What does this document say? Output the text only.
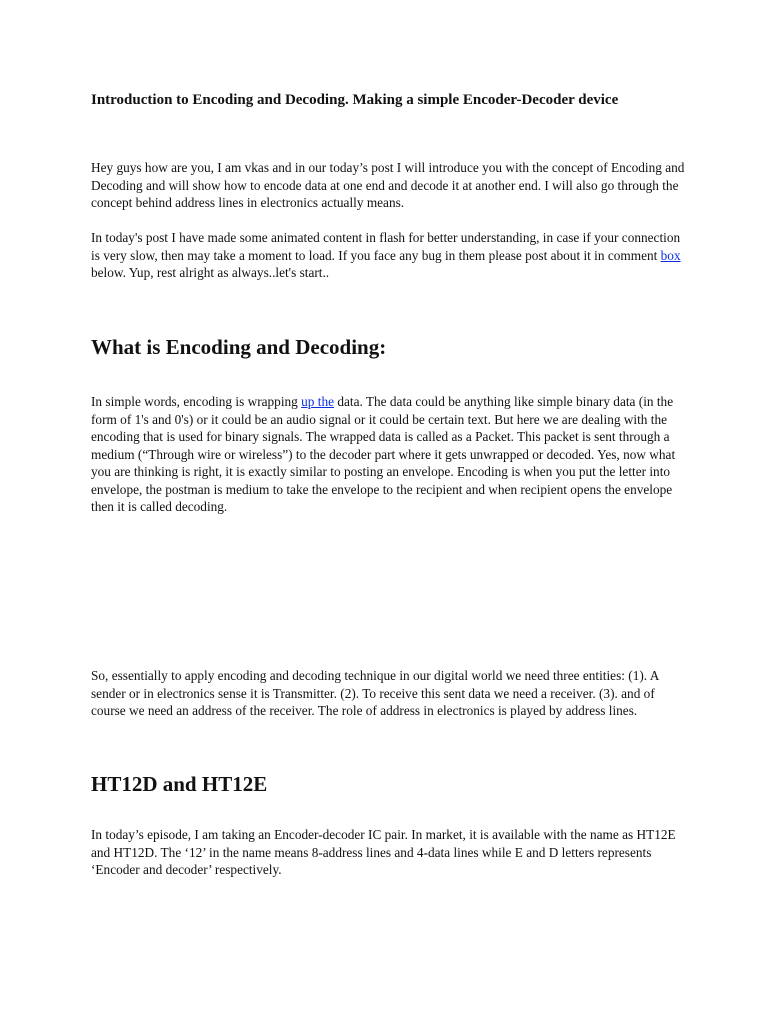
Introduction to Encoding and Decoding. Making a simple Encoder-Decoder device

Hey guys how are you, I am vkas and in our today’s post I will introduce you with the concept of Encoding and Decoding and will show how to encode data at one end and decode it at another end. I will also go through the concept behind address lines in electronics actually means.

In today's post I have made some animated content in flash for better understanding, in case if your connection is very slow, then may take a moment to load. If you face any bug in them please post about it in comment box below. Yup, rest alright as always..let's start..

What is Encoding and Decoding:

In simple words, encoding is wrapping up the data. The data could be anything like simple binary data (in the form of 1's and 0's) or it could be an audio signal or it could be certain text. But here we are dealing with the encoding that is used for binary signals. The wrapped data is called as a Packet. This packet is sent through a medium (“Through wire or wireless”) to the decoder part where it gets unwrapped or decoded. Yes, now what you are thinking is right, it is exactly similar to posting an envelope. Encoding is when you put the letter into envelope, the postman is medium to take the envelope to the recipient and when recipient opens the envelope then it is called decoding.

So, essentially to apply encoding and decoding technique in our digital world we need three entities: (1). A sender or in electronics sense it is Transmitter. (2). To receive this sent data we need a receiver. (3). and of course we need an address of the receiver. The role of address in electronics is played by address lines.

HT12D and HT12E

In today’s episode, I am taking an Encoder-decoder IC pair. In market, it is available with the name as HT12E and HT12D. The ‘12’ in the name means 8-address lines and 4-data lines while E and D letters represents ‘Encoder and decoder’ respectively.
